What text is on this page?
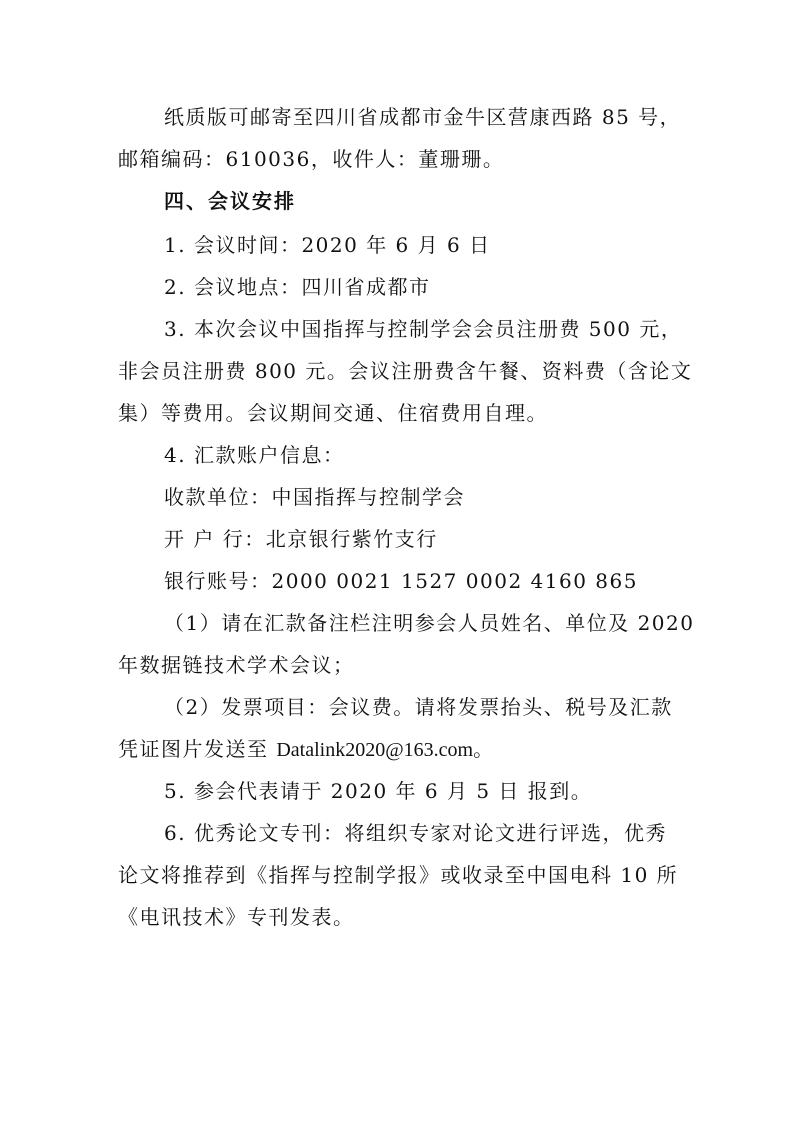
纸质版可邮寄至四川省成都市金牛区营康西路 85 号，
邮箱编码：610036，收件人：董珊珊。
四、会议安排
1. 会议时间：2020 年 6 月 6 日
2. 会议地点：四川省成都市
3. 本次会议中国指挥与控制学会会员注册费 500 元，
非会员注册费 800 元。会议注册费含午餐、资料费（含论文
集）等费用。会议期间交通、住宿费用自理。
4. 汇款账户信息：
收款单位：中国指挥与控制学会
开 户 行：北京银行紫竹支行
银行账号：2000 0021 1527 0002 4160 865
（1）请在汇款备注栏注明参会人员姓名、单位及 2020
年数据链技术学术会议；
（2）发票项目：会议费。请将发票抬头、税号及汇款
凭证图片发送至 Datalink2020@163.com。
5. 参会代表请于 2020 年 6 月 5 日 报到。
6. 优秀论文专刊：将组织专家对论文进行评选，优秀
论文将推荐到《指挥与控制学报》或收录至中国电科 10 所
《电讯技术》专刊发表。
